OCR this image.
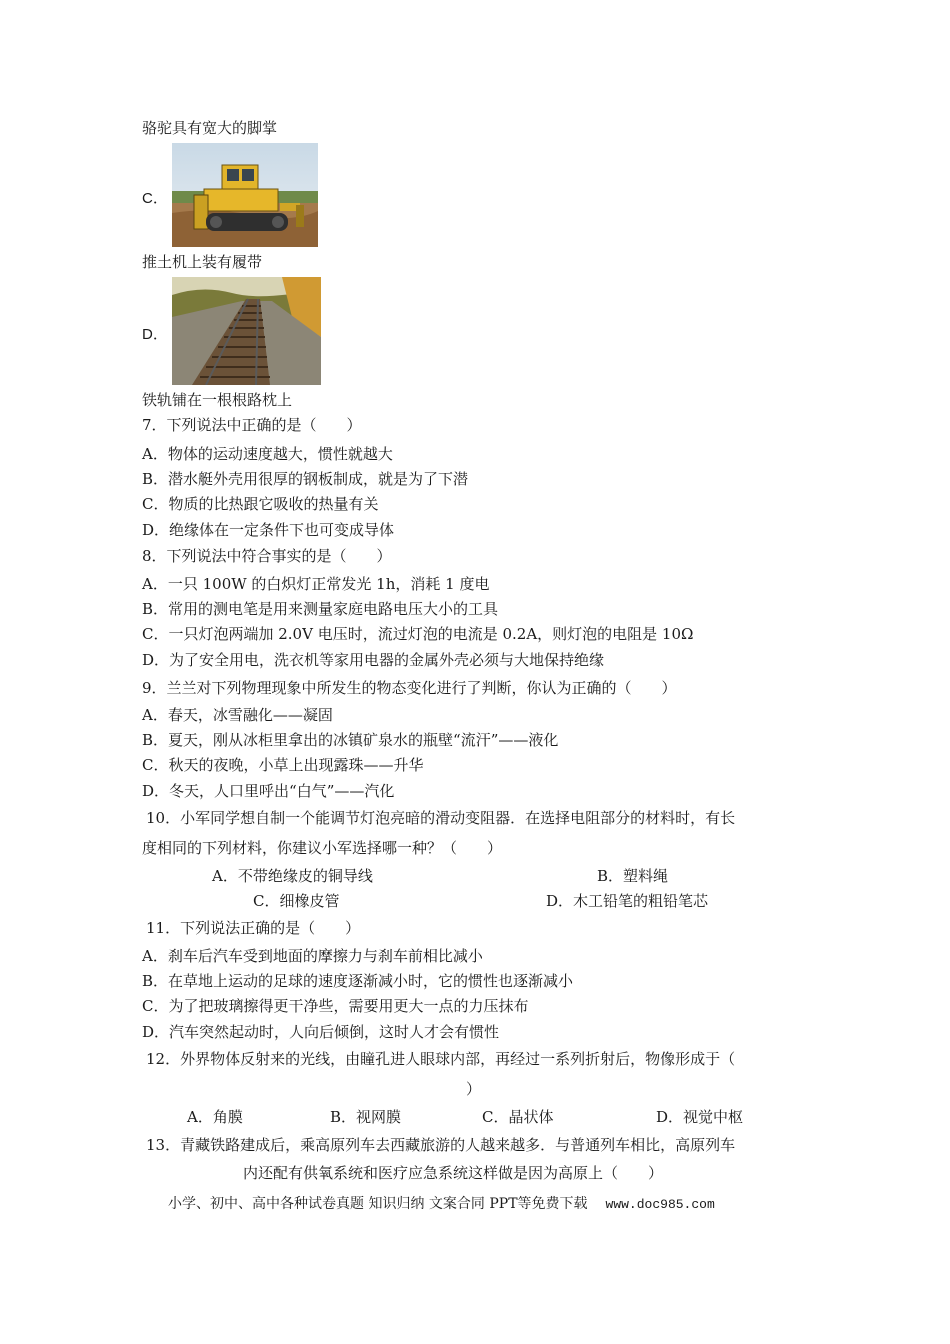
骆驼具有宽大的脚掌
C．
推土机上装有履带
D．
铁轨铺在一根根路枕上
7．下列说法中正确的是（　　）
A．物体的运动速度越大，惯性就越大
B．潜水艇外壳用很厚的钢板制成，就是为了下潜
C．物质的比热跟它吸收的热量有关
D．绝缘体在一定条件下也可变成导体
8．下列说法中符合事实的是（　　）
A．一只 100W 的白炽灯正常发光 1h，消耗 1 度电
B．常用的测电笔是用来测量家庭电路电压大小的工具
C．一只灯泡两端加 2.0V 电压时，流过灯泡的电流是 0.2A，则灯泡的电阻是 10Ω
D．为了安全用电，洗衣机等家用电器的金属外壳必须与大地保持绝缘
9．兰兰对下列物理现象中所发生的物态变化进行了判断，你认为正确的（　　）
A．春天，冰雪融化——凝固
B．夏天，刚从冰柜里拿出的冰镇矿泉水的瓶壁“流汗”——液化
C．秋天的夜晚，小草上出现露珠——升华
D．冬天，人口里呼出“白气”——汽化
10．小军同学想自制一个能调节灯泡亮暗的滑动变阻器．在选择电阻部分的材料时，有长
度相同的下列材料，你建议小军选择哪一种？（　　）
A．不带绝缘皮的铜导线	B．塑料绳
C．细橡皮管	D．木工铅笔的粗铅笔芯
11．下列说法正确的是（　　）
A．刹车后汽车受到地面的摩擦力与刹车前相比减小
B．在草地上运动的足球的速度逐渐减小时，它的惯性也逐渐减小
C．为了把玻璃擦得更干净些，需要用更大一点的力压抹布
D．汽车突然起动时，人向后倾倒，这时人才会有惯性
12．外界物体反射来的光线，由瞳孔进人眼球内部，再经过一系列折射后，物像形成于（
）
A．角膜	B．视网膜	C．晶状体	D．视觉中枢
13．青藏铁路建成后，乘高原列车去西藏旅游的人越来越多．与普通列车相比，高原列车
内还配有供氧系统和医疗应急系统这样做是因为高原上（　　）
小学、初中、高中各种试卷真题 知识归纳 文案合同 PPT等免费下载 www.doc985.com
